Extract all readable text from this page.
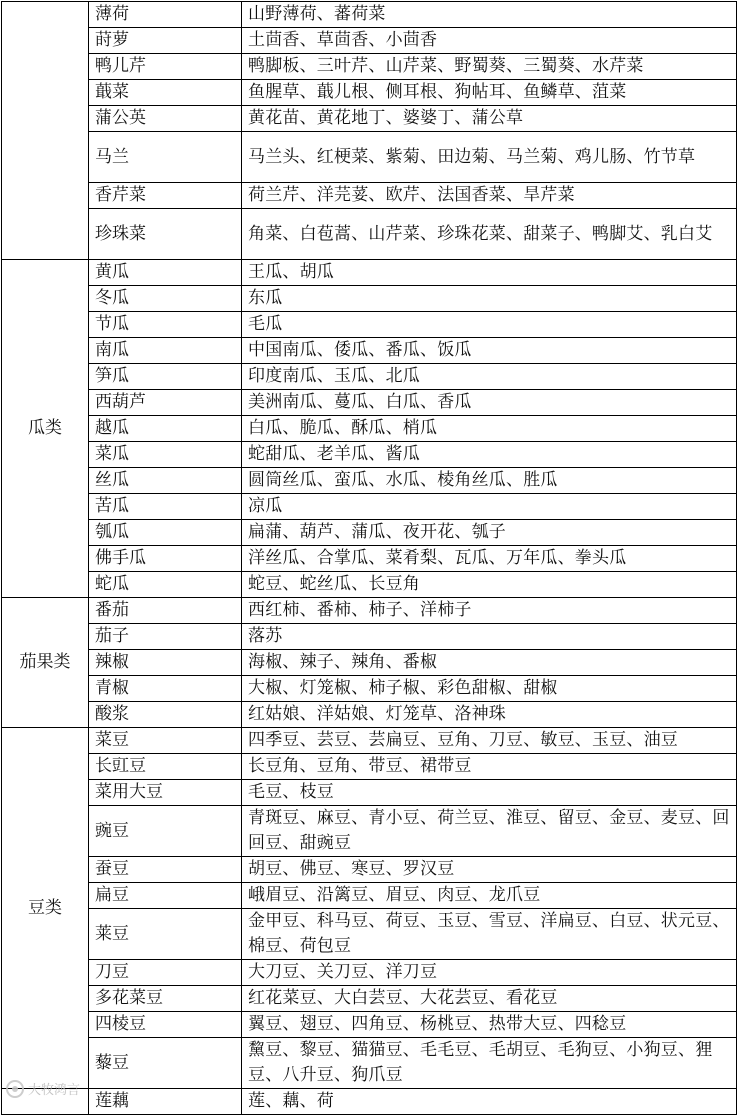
	薄荷	山野薄荷、蕃荷菜
	莳萝	土茴香、草茴香、小茴香
	鸭儿芹	鸭脚板、三叶芹、山芹菜、野蜀葵、三蜀葵、水芹菜
	蕺菜	鱼腥草、蕺儿根、侧耳根、狗帖耳、鱼鳞草、菹菜
	蒲公英	黄花苗、黄花地丁、婆婆丁、蒲公草
	马兰	马兰头、红梗菜、紫菊、田边菊、马兰菊、鸡儿肠、竹节草
	香芹菜	荷兰芹、洋芫荽、欧芹、法国香菜、旱芹菜
	珍珠菜	角菜、白苞蒿、山芹菜、珍珠花菜、甜菜子、鸭脚艾、乳白艾
瓜类	黄瓜	王瓜、胡瓜
	冬瓜	东瓜
	节瓜	毛瓜
	南瓜	中国南瓜、倭瓜、番瓜、饭瓜
	笋瓜	印度南瓜、玉瓜、北瓜
	西葫芦	美洲南瓜、蔓瓜、白瓜、香瓜
	越瓜	白瓜、脆瓜、酥瓜、梢瓜
	菜瓜	蛇甜瓜、老羊瓜、酱瓜
	丝瓜	圆筒丝瓜、蛮瓜、水瓜、棱角丝瓜、胜瓜
	苦瓜	凉瓜
	瓠瓜	扁蒲、葫芦、蒲瓜、夜开花、瓠子
	佛手瓜	洋丝瓜、合掌瓜、菜肴梨、瓦瓜、万年瓜、拳头瓜
	蛇瓜	蛇豆、蛇丝瓜、长豆角
茄果类	番茄	西红柿、番柿、柿子、洋柿子
	茄子	落苏
	辣椒	海椒、辣子、辣角、番椒
	青椒	大椒、灯笼椒、柿子椒、彩色甜椒、甜椒
	酸浆	红姑娘、洋姑娘、灯笼草、洛神珠
豆类	菜豆	四季豆、芸豆、芸扁豆、豆角、刀豆、敏豆、玉豆、油豆
	长豇豆	长豆角、豆角、带豆、裙带豆
	菜用大豆	毛豆、枝豆
	豌豆	青斑豆、麻豆、青小豆、荷兰豆、淮豆、留豆、金豆、麦豆、回回豆、甜豌豆
	蚕豆	胡豆、佛豆、寒豆、罗汉豆
	扁豆	峨眉豆、沿篱豆、眉豆、肉豆、龙爪豆
	莱豆	金甲豆、科马豆、荷豆、玉豆、雪豆、洋扁豆、白豆、状元豆、棉豆、荷包豆
	刀豆	大刀豆、关刀豆、洋刀豆
	多花菜豆	红花菜豆、大白芸豆、大花芸豆、看花豆
	四棱豆	翼豆、翅豆、四角豆、杨桃豆、热带大豆、四稔豆
	藜豆	黧豆、黎豆、猫猫豆、毛毛豆、毛胡豆、毛狗豆、小狗豆、狸豆、八升豆、狗爪豆
	莲藕	莲、藕、荷
大牧鸿言
